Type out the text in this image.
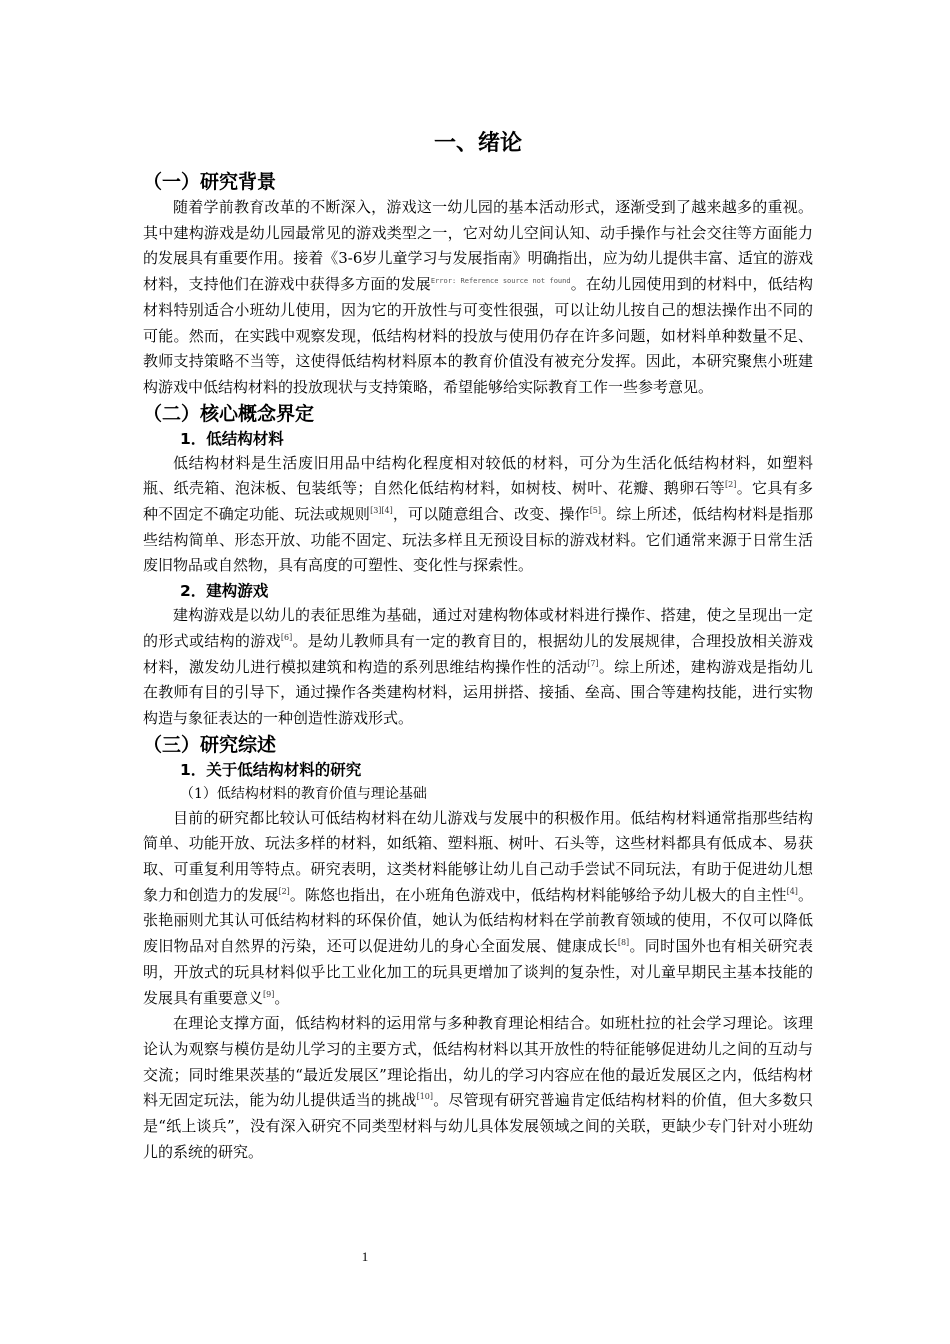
一、绪论
（一）研究背景

随着学前教育改革的不断深入，游戏这一幼儿园的基本活动形式，逐渐受到了越来越多的重视。其中建构游戏是幼儿园最常见的游戏类型之一，它对幼儿空间认知、动手操作与社会交往等方面能力的发展具有重要作用。接着《3-6岁儿童学习与发展指南》明确指出，应为幼儿提供丰富、适宜的游戏材料，支持他们在游戏中获得多方面的发展$^{Error: Reference source not found}$。在幼儿园使用到的材料中，低结构材料特别适合小班幼儿使用，因为它的开放性与可变性很强，可以让幼儿按自己的想法操作出不同的可能。然而，在实践中观察发现，低结构材料的投放与使用仍存在许多问题，如材料单种数量不足、教师支持策略不当等，这使得低结构材料原本的教育价值没有被充分发挥。因此，本研究聚焦小班建构游戏中低结构材料的投放现状与支持策略，希望能够给实际教育工作一些参考意见。

（二）核心概念界定
1．低结构材料

低结构材料是生活废旧用品中结构化程度相对较低的材料，可分为生活化低结构材料，如塑料瓶、纸壳箱、泡沫板、包装纸等；自然化低结构材料，如树枝、树叶、花瓣、鹅卵石等[2]。它具有多种不固定不确定功能、玩法或规则[3][4]，可以随意组合、改变、操作[5]。综上所述，低结构材料是指那些结构简单、形态开放、功能不固定、玩法多样且无预设目标的游戏材料。它们通常来源于日常生活废旧物品或自然物，具有高度的可塑性、变化性与探索性。

2．建构游戏

建构游戏是以幼儿的表征思维为基础，通过对建构物体或材料进行操作、搭建，使之呈现出一定的形式或结构的游戏[6]。是幼儿教师具有一定的教育目的，根据幼儿的发展规律，合理投放相关游戏材料，激发幼儿进行模拟建筑和构造的系列思维结构操作性的活动[7]。综上所述，建构游戏是指幼儿在教师有目的引导下，通过操作各类建构材料，运用拼搭、接插、垒高、围合等建构技能，进行实物构造与象征表达的一种创造性游戏形式。

（三）研究综述
1．关于低结构材料的研究
（1）低结构材料的教育价值与理论基础

目前的研究都比较认可低结构材料在幼儿游戏与发展中的积极作用。低结构材料通常指那些结构简单、功能开放、玩法多样的材料，如纸箱、塑料瓶、树叶、石头等，这些材料都具有低成本、易获取、可重复利用等特点。研究表明，这类材料能够让幼儿自己动手尝试不同玩法，有助于促进幼儿想象力和创造力的发展[2]。陈悠也指出，在小班角色游戏中，低结构材料能够给予幼儿极大的自主性[4]。张艳丽则尤其认可低结构材料的环保价值，她认为低结构材料在学前教育领域的使用，不仅可以降低废旧物品对自然界的污染，还可以促进幼儿的身心全面发展、健康成长[8]。同时国外也有相关研究表明，开放式的玩具材料似乎比工业化加工的玩具更增加了谈判的复杂性，对儿童早期民主基本技能的发展具有重要意义[9]。

在理论支撑方面，低结构材料的运用常与多种教育理论相结合。如班杜拉的社会学习理论。该理论认为观察与模仿是幼儿学习的主要方式，低结构材料以其开放性的特征能够促进幼儿之间的互动与交流；同时维果茨基的“最近发展区”理论指出，幼儿的学习内容应在他的最近发展区之内，低结构材料无固定玩法，能为幼儿提供适当的挑战[10]。尽管现有研究普遍肯定低结构材料的价值，但大多数只是“纸上谈兵”，没有深入研究不同类型材料与幼儿具体发展领域之间的关联，更缺少专门针对小班幼儿的系统的研究。

1
